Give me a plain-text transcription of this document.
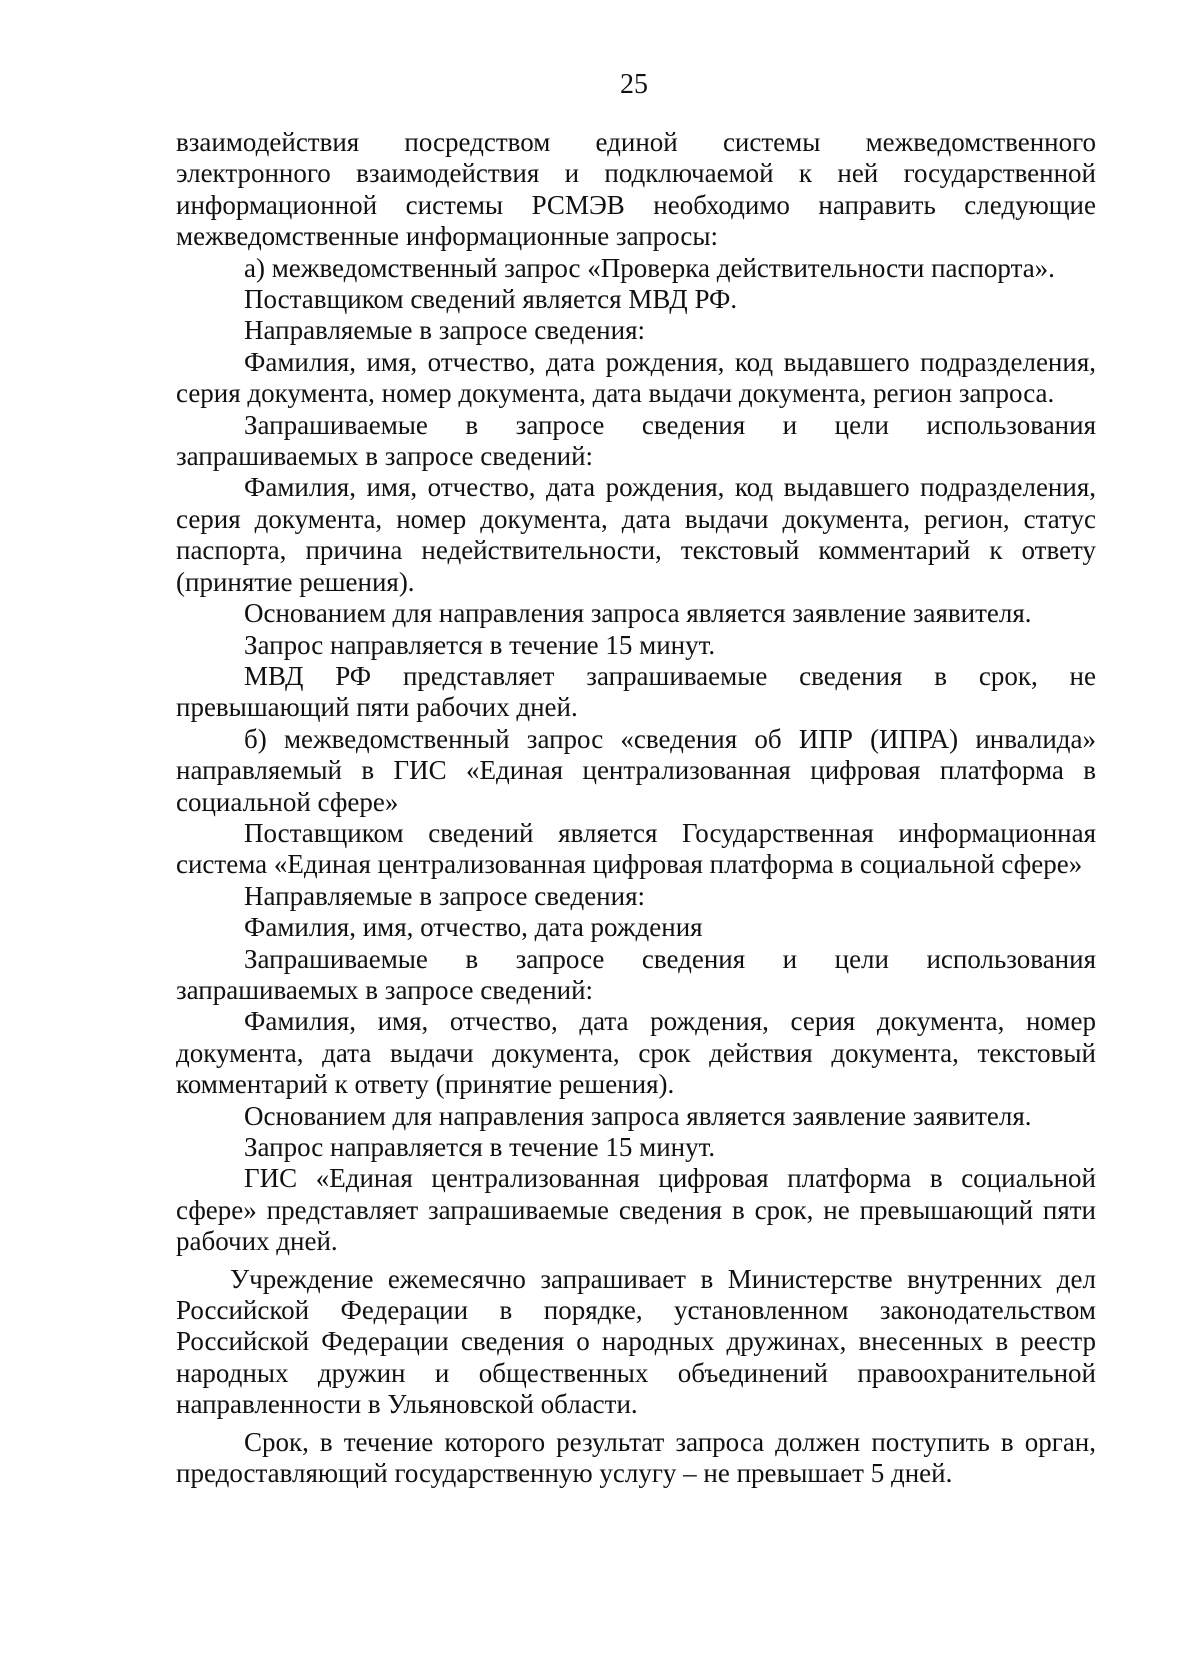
25

взаимодействия посредством единой системы межведомственного электронного взаимодействия и подключаемой к ней государственной информационной системы РСМЭВ необходимо направить следующие межведомственные информационные запросы:

а) межведомственный запрос «Проверка действительности паспорта».

Поставщиком сведений является МВД РФ.

Направляемые в запросе сведения:

Фамилия, имя, отчество, дата рождения, код выдавшего подразделения, серия документа, номер документа, дата выдачи документа, регион запроса.

Запрашиваемые в запросе сведения и цели использования запрашиваемых в запросе сведений:

Фамилия, имя, отчество, дата рождения, код выдавшего подразделения, серия документа, номер документа, дата выдачи документа, регион, статус паспорта, причина недействительности, текстовый комментарий к ответу (принятие решения).

Основанием для направления запроса является заявление заявителя.

Запрос направляется в течение 15 минут.

МВД РФ представляет запрашиваемые сведения в срок, не превышающий пяти рабочих дней.

б) межведомственный запрос «сведения об ИПР (ИПРА) инвалида» направляемый в ГИС «Единая централизованная цифровая платформа в социальной сфере»

Поставщиком сведений является Государственная информационная система «Единая централизованная цифровая платформа в социальной сфере»

Направляемые в запросе сведения:

Фамилия, имя, отчество, дата рождения

Запрашиваемые в запросе сведения и цели использования запрашиваемых в запросе сведений:

Фамилия, имя, отчество, дата рождения, серия документа, номер документа, дата выдачи документа, срок действия документа, текстовый комментарий к ответу (принятие решения).

Основанием для направления запроса является заявление заявителя.

Запрос направляется в течение 15 минут.

ГИС «Единая централизованная цифровая платформа в социальной сфере» представляет запрашиваемые сведения в срок, не превышающий пяти рабочих дней.

Учреждение ежемесячно запрашивает в Министерстве внутренних дел Российской Федерации в порядке, установленном законодательством Российской Федерации сведения о народных дружинах, внесенных в реестр народных дружин и общественных объединений правоохранительной направленности в Ульяновской области.

Срок, в течение которого результат запроса должен поступить в орган, предоставляющий государственную услугу – не превышает 5 дней.
